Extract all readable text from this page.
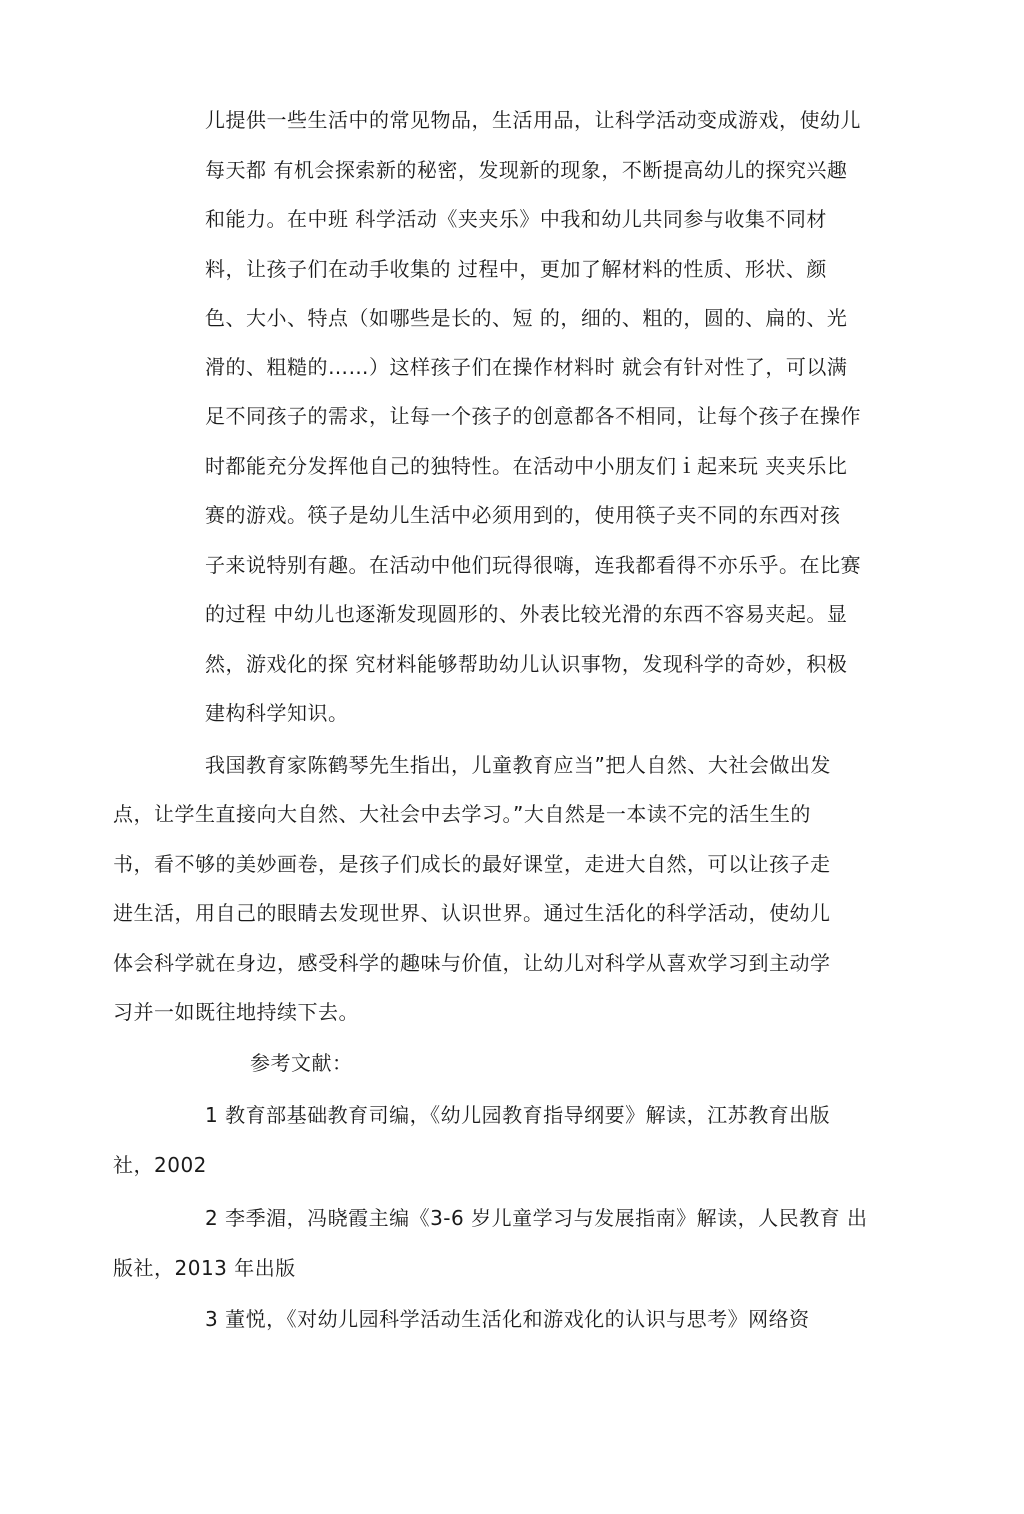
儿提供一些生活中的常见物品，生活用品，让科学活动变成游戏，使幼儿
每天都 有机会探索新的秘密，发现新的现象，不断提高幼儿的探究兴趣
和能力。在中班 科学活动《夹夹乐》中我和幼儿共同参与收集不同材
料，让孩子们在动手收集的 过程中，更加了解材料的性质、形状、颜
色、大小、特点（如哪些是长的、短 的，细的、粗的，圆的、扁的、光
滑的、粗糙的……）这样孩子们在操作材料时 就会有针对性了，可以满
足不同孩子的需求，让每一个孩子的创意都各不相同，让每个孩子在操作
时都能充分发挥他自己的独特性。在活动中小朋友们ｉ起来玩 夹夹乐比
赛的游戏。筷子是幼儿生活中必须用到的，使用筷子夹不同的东西对孩
子来说特别有趣。在活动中他们玩得很嗨，连我都看得不亦乐乎。在比赛
的过程 中幼儿也逐渐发现圆形的、外表比较光滑的东西不容易夹起。显
然，游戏化的探 究材料能够帮助幼儿认识事物，发现科学的奇妙，积极
建构科学知识。
我国教育家陈鹤琴先生指出，儿童教育应当”把人自然、大社会做出发
点，让学生直接向大自然、大社会中去学习。”大自然是一本读不完的活生生的
书，看不够的美妙画卷，是孩子们成长的最好课堂，走进大自然，可以让孩子走
进生活，用自己的眼睛去发现世界、认识世界。通过生活化的科学活动，使幼儿
体会科学就在身边，感受科学的趣味与价值，让幼儿对科学从喜欢学习到主动学
习并一如既往地持续下去。
参考文献：
1 教育部基础教育司编，《幼儿园教育指导纲要》解读，江苏教育出版
社，2002
2 李季湄，冯晓霞主编《3-6 岁儿童学习与发展指南》解读，人民教育 出
版社，2013 年出版
3 董悦，《对幼儿园科学活动生活化和游戏化的认识与思考》网络资
